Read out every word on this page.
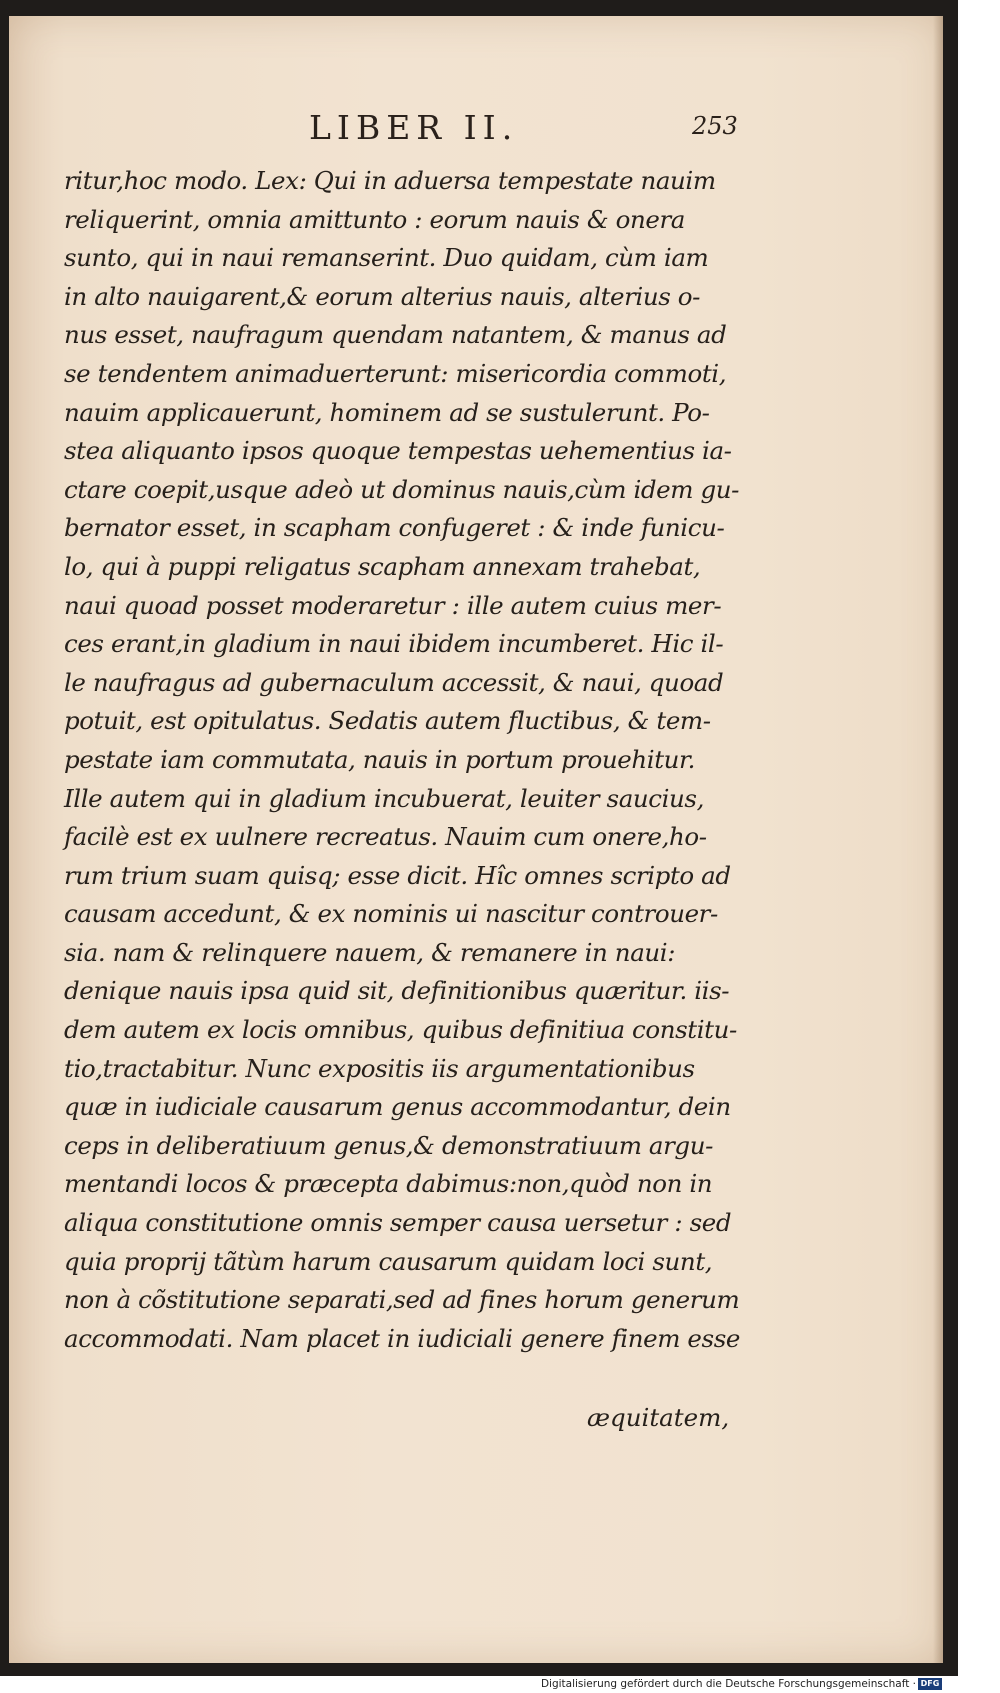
LIBER II.	253
ritur,hoc modo. Lex: Qui in aduersa tempestate nauim
reliquerint, omnia amittunto : eorum nauis & onera
sunto, qui in naui remanserint. Duo quidam, cùm iam
in alto nauigarent,& eorum alterius nauis, alterius o-
nus esset, naufragum quendam natantem, & manus ad
se tendentem animaduerterunt: misericordia commoti,
nauim applicauerunt, hominem ad se sustulerunt. Po-
stea aliquanto ipsos quoque tempestas uehementius ia-
ctare coepit,usque adeò ut dominus nauis,cùm idem gu-
bernator esset, in scapham confugeret : & inde funicu-
lo, qui à puppi religatus scapham annexam trahebat,
naui quoad posset moderaretur : ille autem cuius mer-
ces erant,in gladium in naui ibidem incumberet. Hic il-
le naufragus ad gubernaculum accessit, & naui, quoad
potuit, est opitulatus. Sedatis autem fluctibus, & tem-
pestate iam commutata, nauis in portum prouehitur.
Ille autem qui in gladium incubuerat, leuiter saucius,
facilè est ex uulnere recreatus. Nauim cum onere,ho-
rum trium suam quisq; esse dicit. Hîc omnes scripto ad
causam accedunt, & ex nominis ui nascitur controuer-
sia. nam & relinquere nauem, & remanere in naui:
denique nauis ipsa quid sit, definitionibus quæritur. iis-
dem autem ex locis omnibus, quibus definitiua constitu-
tio,tractabitur. Nunc expositis iis argumentationibus
quæ in iudiciale causarum genus accommodantur, dein
ceps in deliberatiuum genus,& demonstratiuum argu-
mentandi locos & præcepta dabimus:non,quòd non in
aliqua constitutione omnis semper causa uersetur : sed
quia proprij tãtùm harum causarum quidam loci sunt,
non à cõstitutione separati,sed ad fines horum generum
accommodati. Nam placet in iudiciali genere finem esse
æquitatem,
Digitalisierung gefördert durch die Deutsche Forschungsgemeinschaft · DFG
